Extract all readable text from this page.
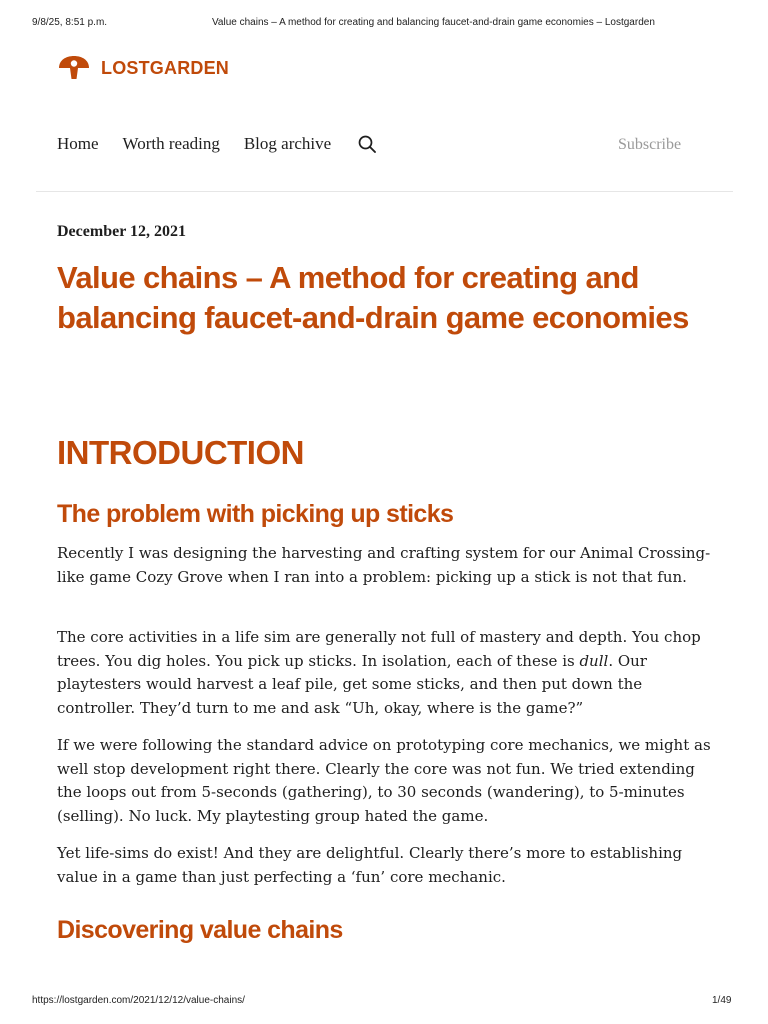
9/8/25, 8:51 p.m.	Value chains – A method for creating and balancing faucet-and-drain game economies – Lostgarden
LOSTGARDEN
Home Worth reading Blog archive	Subscribe
December 12, 2021
Value chains – A method for creating and balancing faucet-and-drain game economies
INTRODUCTION
The problem with picking up sticks

Recently I was designing the harvesting and crafting system for our Animal Crossing-like game Cozy Grove when I ran into a problem: picking up a stick is not that fun.

The core activities in a life sim are generally not full of mastery and depth. You chop trees. You dig holes. You pick up sticks. In isolation, each of these is dull. Our playtesters would harvest a leaf pile, get some sticks, and then put down the controller. They’d turn to me and ask “Uh, okay, where is the game?”

If we were following the standard advice on prototyping core mechanics, we might as well stop development right there. Clearly the core was not fun. We tried extending the loops out from 5-seconds (gathering), to 30 seconds (wandering), to 5-minutes (selling). No luck. My playtesting group hated the game.

Yet life-sims do exist! And they are delightful. Clearly there’s more to establishing value in a game than just perfecting a ‘fun’ core mechanic.

Discovering value chains
https://lostgarden.com/2021/12/12/value-chains/	1/49
